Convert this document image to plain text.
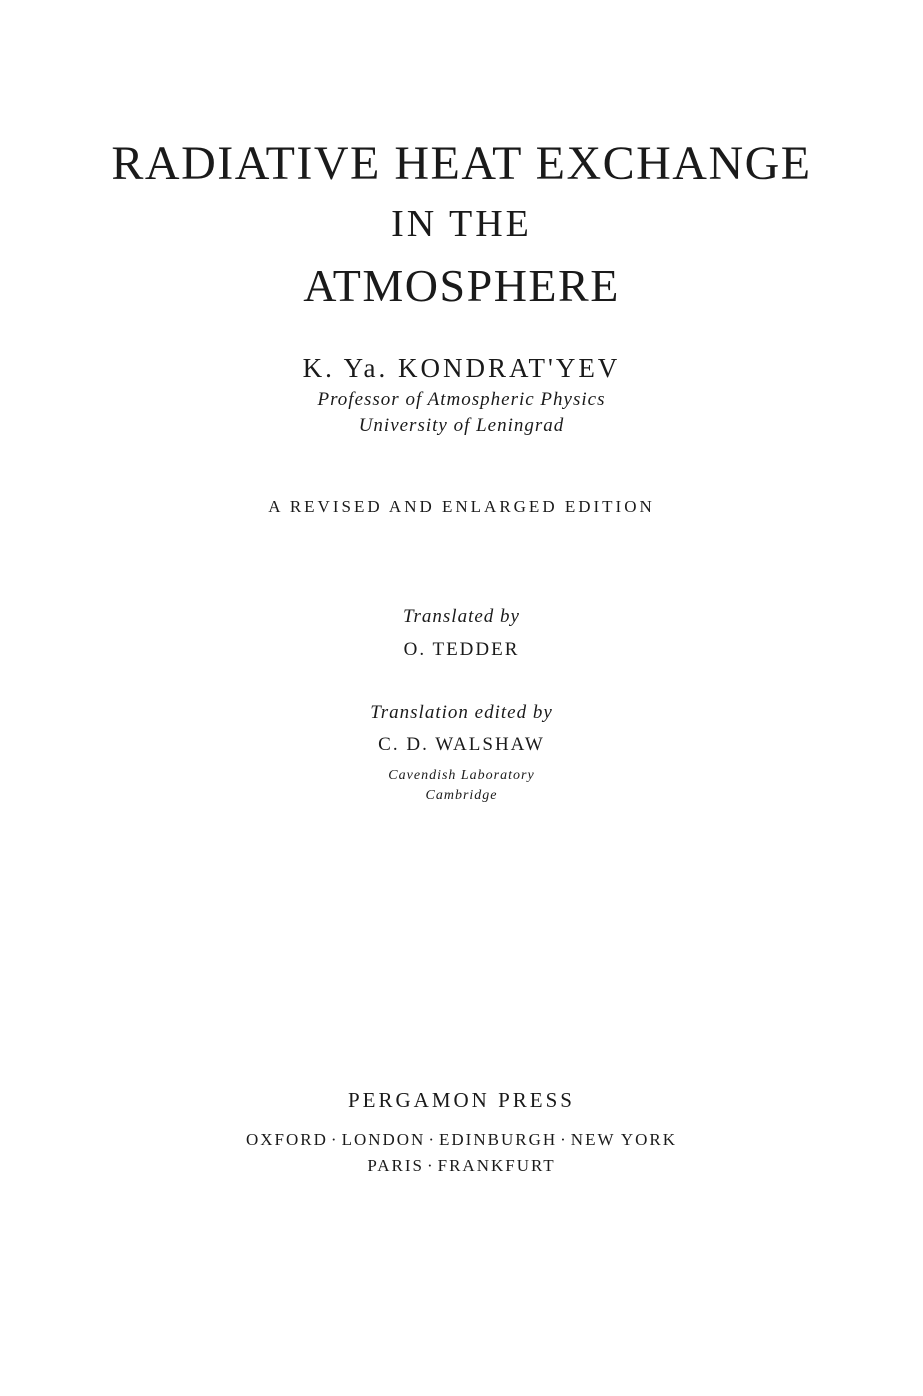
RADIATIVE HEAT EXCHANGE
IN THE
ATMOSPHERE
K. Ya. KONDRAT'YEV
Professor of Atmospheric Physics
University of Leningrad
A REVISED AND ENLARGED EDITION
Translated by
O. TEDDER
Translation edited by
C. D. WALSHAW
Cavendish Laboratory
Cambridge
PERGAMON PRESS
OXFORD · LONDON · EDINBURGH · NEW YORK
PARIS · FRANKFURT
